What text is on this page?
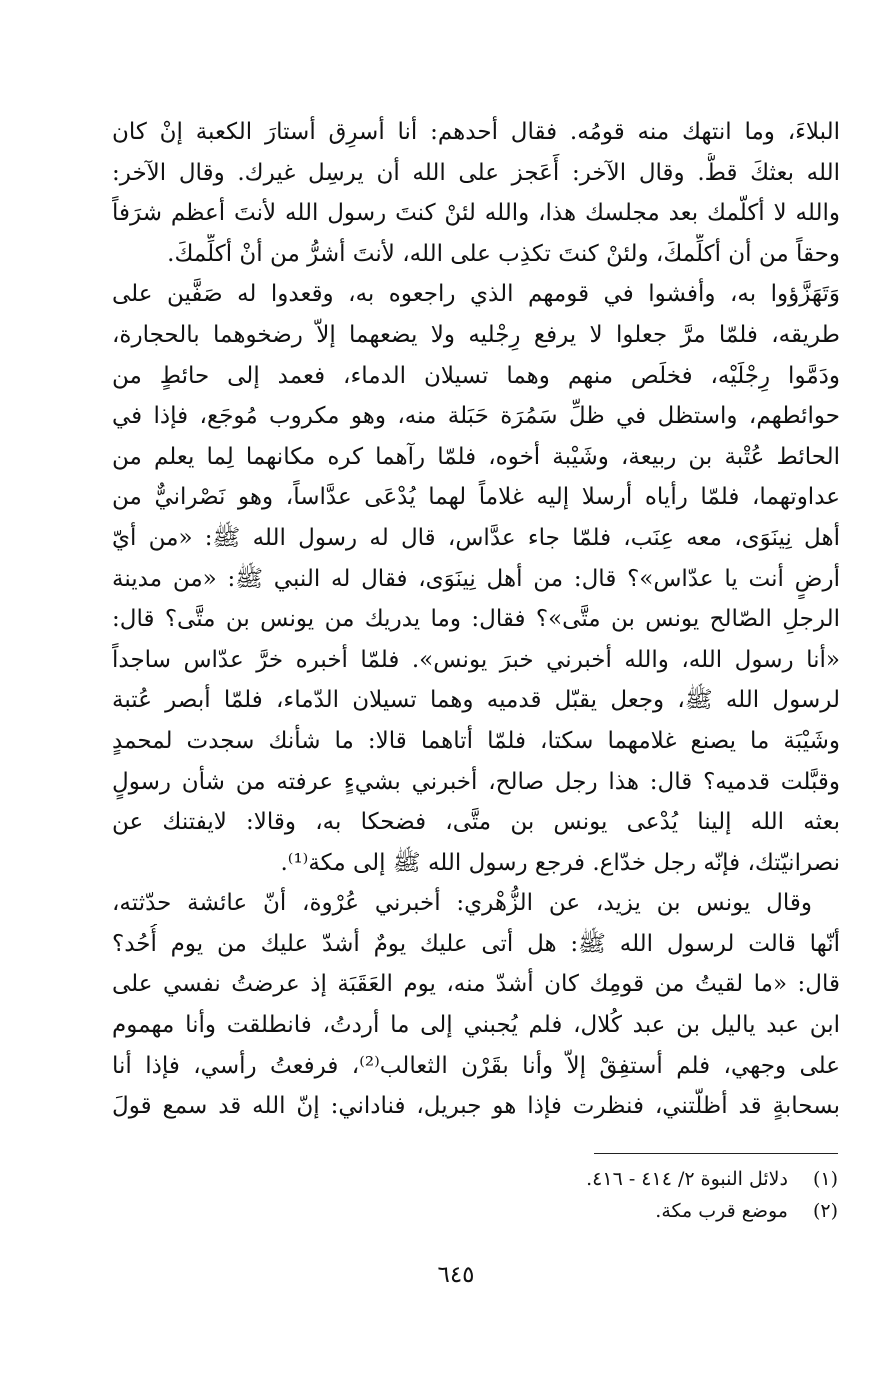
البلاءَ، وما انتهك منه قومُه. فقال أحدهم: أنا أسرِق أستارَ الكعبة إنْ كان
الله بعثكَ قطُّ. وقال الآخر: أَعَجز على الله أن يرسِل غيرك. وقال الآخر:
والله لا أكلّمك بعد مجلسك هذا، والله لئنْ كنتَ رسول الله لأنتَ أعظم شرَفاً
وحقاً من أن أكلِّمكَ، ولئنْ كنتَ تكذِب على الله، لأنتَ أشرُّ من أنْ أكلِّمكَ.
وَتَهَزَّؤوا به، وأفشوا في قومهم الذي راجعوه به، وقعدوا له صَفَّين على
طريقه، فلمّا مرَّ جعلوا لا يرفع رِجْليه ولا يضعهما إلاّ رضخوهما بالحجارة،
ودَمَّوا رِجْلَيْه، فخلَص منهم وهما تسيلان الدماء، فعمد إلى حائطٍ من
حوائطهم، واستظل في ظلِّ سَمُرَة حَبَلة منه، وهو مكروب مُوجَع، فإذا في
الحائط عُتْبة بن ربيعة، وشَيْبة أخوه، فلمّا رآهما كره مكانهما لِما يعلم من
عداوتهما، فلمّا رأياه أرسلا إليه غلاماً لهما يُدْعَى عدَّاساً، وهو نَصْرانيٌّ من
أهل نِينَوَى، معه عِنَب، فلمّا جاء عدَّاس، قال له رسول الله ﷺ: «من أيّ
أرضٍ أنت يا عدّاس»؟ قال: من أهل نِينَوَى، فقال له النبي ﷺ: «من مدينة
الرجلِ الصّالح يونس بن متَّى»؟ فقال: وما يدريك من يونس بن متَّى؟ قال:
«أنا رسول الله، والله أخبرني خبرَ يونس». فلمّا أخبره خرَّ عدّاس ساجداً
لرسول الله ﷺ، وجعل يقبّل قدميه وهما تسيلان الدّماء، فلمّا أبصر عُتبة
وشَيْبَة ما يصنع غلامهما سكتا، فلمّا أتاهما قالا: ما شأنك سجدت لمحمدٍ
وقبَّلت قدميه؟ قال: هذا رجل صالح، أخبرني بشيءٍ عرفته من شأن رسولٍ
بعثه الله إلينا يُدْعى يونس بن متَّى، فضحكا به، وقالا: لايفتنك عن
نصرانيّتك، فإنّه رجل خدّاع. فرجع رسول الله ﷺ إلى مكة⁽¹⁾.
وقال يونس بن يزيد، عن الزُّهْري: أخبرني عُرْوة، أنّ عائشة حدّثته،
أنّها قالت لرسول الله ﷺ: هل أتى عليك يومٌ أشدّ عليك من يوم أُحُد؟
قال: «ما لقيتُ من قومِك كان أشدّ منه، يوم العَقَبَة إذ عرضتُ نفسي على
ابن عبد ياليل بن عبد كُلال، فلم يُجبني إلى ما أردتُ، فانطلقت وأنا مهموم
على وجهي، فلم أستفِقْ إلاّ وأنا بقَرْن الثعالب⁽²⁾، فرفعتُ رأسي، فإذا أنا
بسحابةٍ قد أظلّتني، فنظرت فإذا هو جبريل، فناداني: إنّ الله قد سمع قولَ
(١) دلائل النبوة ٢/ ٤١٤ - ٤١٦.
(٢) موضع قرب مكة.
٦٤٥
